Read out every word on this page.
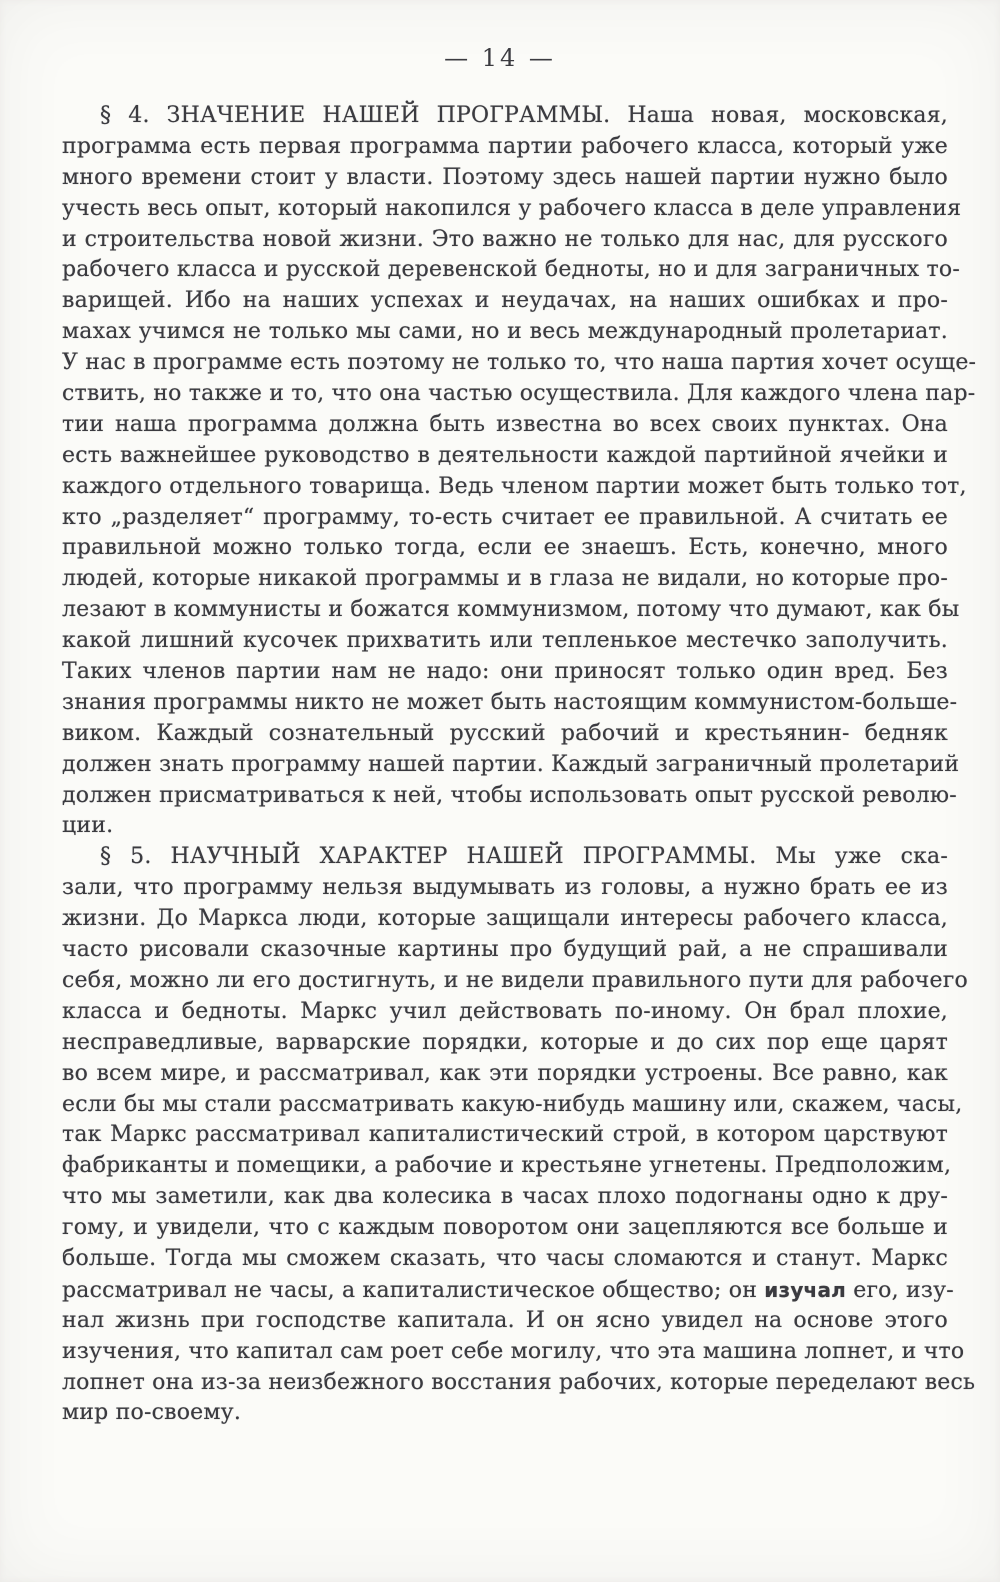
— 14 —
§ 4. ЗНАЧЕНИЕ НАШЕЙ ПРОГРАММЫ. Наша новая, московская,
программа есть первая программа партии рабочего класса, который уже
много времени стоит у власти. Поэтому здесь нашей партии нужно было
учесть весь опыт, который накопился у рабочего класса в деле управления
и строительства новой жизни. Это важно не только для нас, для русского
рабочего класса и русской деревенской бедноты, но и для заграничных то-
варищей. Ибо на наших успехах и неудачах, на наших ошибках и про-
махах учимся не только мы сами, но и весь международный пролетариат.
У нас в программе есть поэтому не только то, что наша партия хочет осуще-
ствить, но также и то, что она частью осуществила. Для каждого члена пар-
тии наша программа должна быть известна во всех своих пунктах. Она
есть важнейшее руководство в деятельности каждой партийной ячейки и
каждого отдельного товарища. Ведь членом партии может быть только тот,
кто „разделяет“ программу, то-есть считает ее правильной. А считать ее
правильной можно только тогда, если ее знаешъ. Есть, конечно, много
людей, которые никакой программы и в глаза не видали, но которые про-
лезают в коммунисты и божатся коммунизмом, потому что думают, как бы
какой лишний кусочек прихватить или тепленькое местечко заполучить.
Таких членов партии нам не надо: они приносят только один вред. Без
знания программы никто не может быть настоящим коммунистом-больше-
виком. Каждый сознательный русский рабочий и крестьянин- бедняк
должен знать программу нашей партии. Каждый заграничный пролетарий
должен присматриваться к ней, чтобы использовать опыт русской револю-
ции.
§ 5. НАУЧНЫЙ ХАРАКТЕР НАШЕЙ ПРОГРАММЫ. Мы уже ска-
зали, что программу нельзя выдумывать из головы, а нужно брать ее из
жизни. До Маркса люди, которые защищали интересы рабочего класса,
часто рисовали сказочные картины про будущий рай, а не спрашивали
себя, можно ли его достигнуть, и не видели правильного пути для рабочего
класса и бедноты. Маркс учил действовать по-иному. Он брал плохие,
несправедливые, варварские порядки, которые и до сих пор еще царят
во всем мире, и рассматривал, как эти порядки устроены. Все равно, как
если бы мы стали рассматривать какую-нибудь машину или, скажем, часы,
так Маркс рассматривал капиталистический строй, в котором царствуют
фабриканты и помещики, а рабочие и крестьяне угнетены. Предположим,
что мы заметили, как два колесика в часах плохо подогнаны одно к дру-
гому, и увидели, что с каждым поворотом они зацепляются все больше и
больше. Тогда мы сможем сказать, что часы сломаются и станут. Маркс
рассматривал не часы, а капиталистическое общество; он изучал его, изу-
нал жизнь при господстве капитала. И он ясно увидел на основе этого
изучения, что капитал сам роет себе могилу, что эта машина лопнет, и что
лопнет она из-за неизбежного восстания рабочих, которые переделают весь
мир по-своему.
